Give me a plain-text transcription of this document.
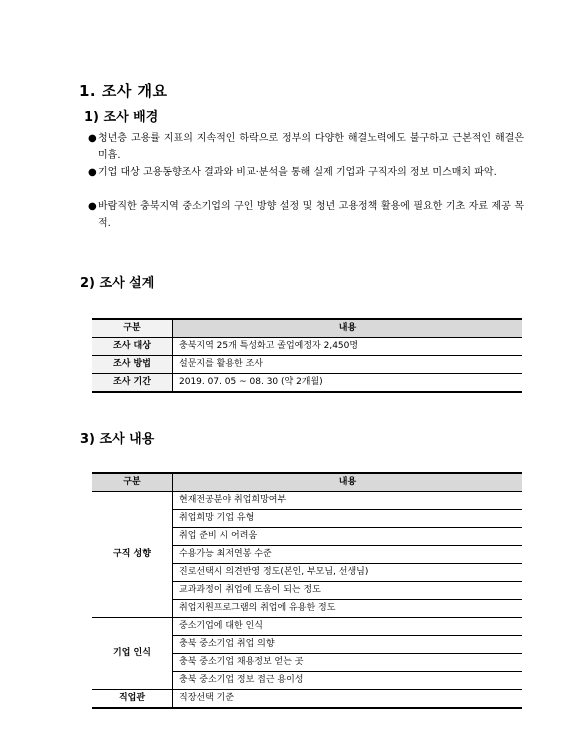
1. 조사 개요
1) 조사 배경
● 청년층 고용률 지표의 지속적인 하락으로 정부의 다양한 해결노력에도 불구하고 근본적인 해결은 미흡.
● 기업 대상 고용동향조사 결과와 비교·분석을 통해 실제 기업과 구직자의 정보 미스매치 파악.
● 바람직한 충북지역 중소기업의 구인 방향 설정 및 청년 고용정책 활용에 필요한 기초 자료 제공 목적.
2) 조사 설계
구분	내용
조사 대상	충북지역 25개 특성화고 졸업예정자 2,450명
조사 방법	설문지를 활용한 조사
조사 기간	2019. 07. 05 ~ 08. 30 (약 2개월)
3) 조사 내용
구분	내용
구직 성향	현재전공분야 취업희망여부
	취업희망 기업 유형
	취업 준비 시 어려움
	수용가능 최저연봉 수준
	진로선택시 의견반영 정도(본인, 부모님, 선생님)
	교과과정이 취업에 도움이 되는 정도
	취업지원프로그램의 취업에 유용한 정도
기업 인식	중소기업에 대한 인식
	충북 중소기업 취업 의향
	충북 중소기업 채용정보 얻는 곳
	충북 중소기업 정보 접근 용이성
직업관	직장선택 기준
